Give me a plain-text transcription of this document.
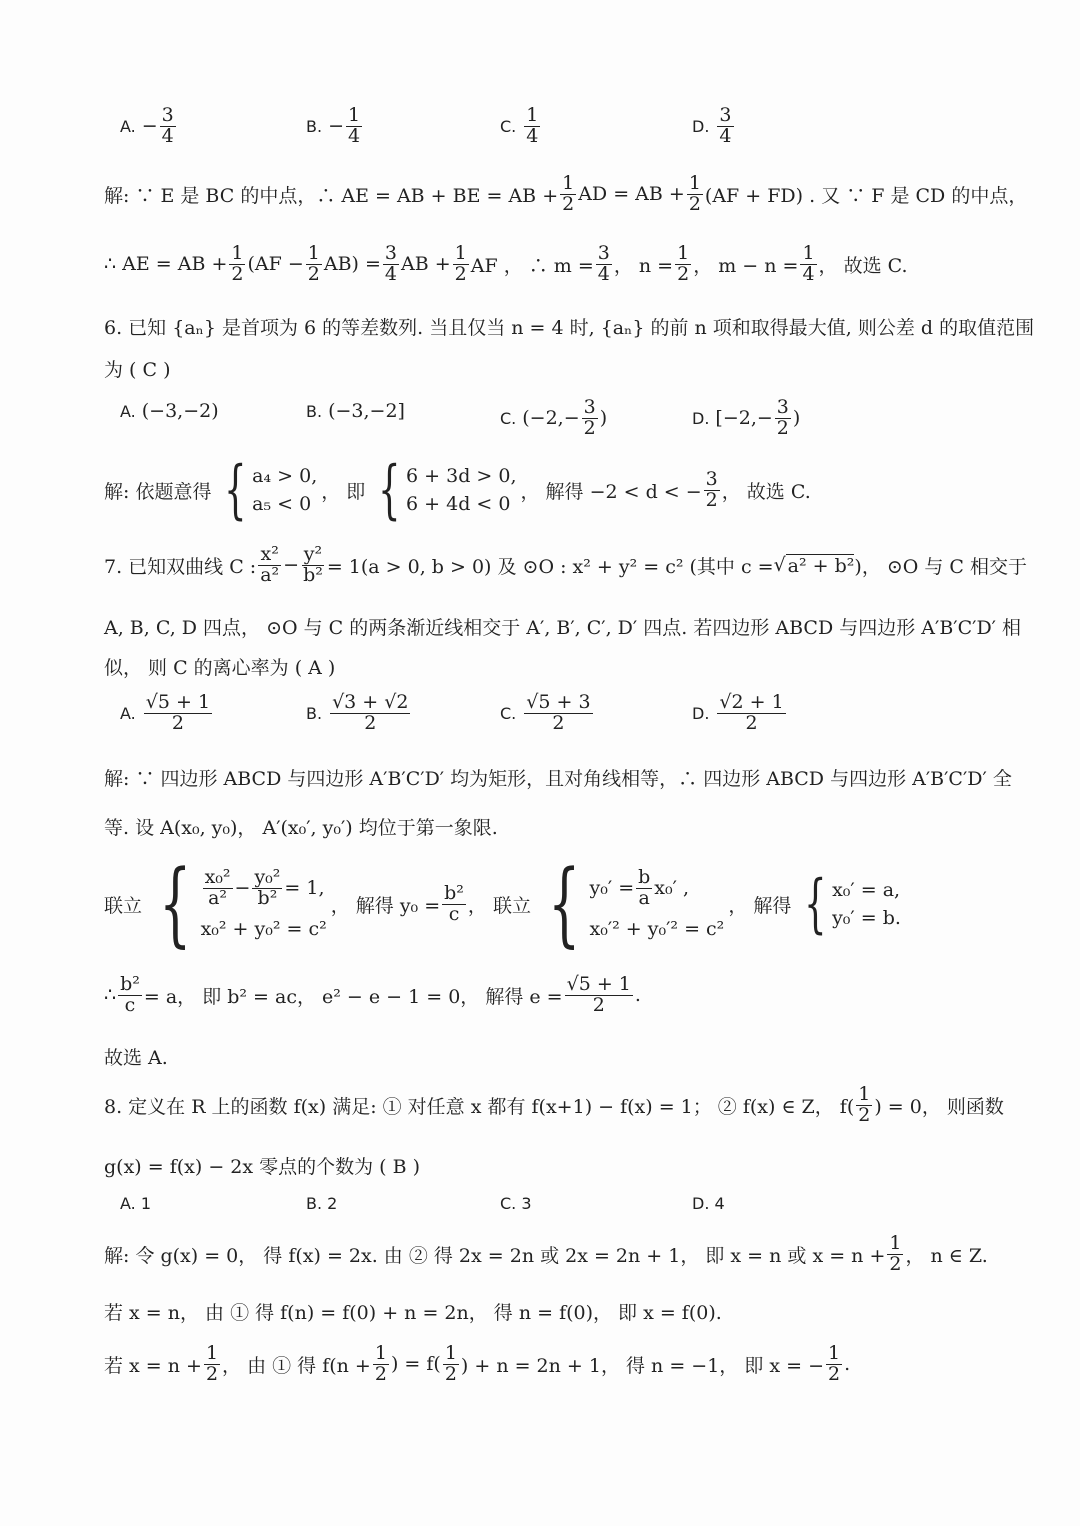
A. − $\frac{3}{4}$	B. − $\frac{1}{4}$	C. $\frac{1}{4}$	D. $\frac{3}{4}$
解: ∵ E 是 BC 的中点，∴ AE = AB + BE = AB + $\frac{1}{2}$ AD = AB + $\frac{1}{2} (AF + FD)$ . 又 ∵ F 是 CD 的中点，
∴ AE = AB + $\frac{1}{2} (AF - \frac{1}{2} AB) = \frac{3}{4}$ AB + $\frac{1}{2}$ AF ， ∴ $m = \frac{3}{4}$ ， $n = \frac{1}{2}$ ， $m - n = \frac{1}{4}$ ， 故选 C.
6. 已知 {aₙ} 是首项为 6 的等差数列. 当且仅当 n = 4 时, {aₙ} 的前 n 项和取得最大值, 则公差 d 的取值范围
为 ( C )
A. (−3,−2)	B. (−3,−2]	C. ($-2,- \frac{3}{2}$ )	D. [$-2,- \frac{3}{2}$ )
解: 依题意得 { a₄ > 0,
a₅ < 0
， 即 { 6 + 3d > 0,
6 + 4d < 0
， 解得 −2 < d < − $\frac{3}{2}$ ， 故选 C.
7. 已知双曲线 C : $\frac{\text{x²}}{\text{a²}} - \frac{\text{y²}}{\text{b²}} = 1(a > 0$, b > 0) 及 ⊙O : x² + y² = c² (其中 c = √ a² + b² )， ⊙O 与 C 相交于
A, B, C, D 四点， ⊙O 与 C 的两条渐近线相交于 A′, B′, C′, D′ 四点. 若四边形 ABCD 与四边形 A′B′C′D′ 相
似， 则 C 的离心率为 ( A )
A. $\frac{√5 + 1}{2}$	B. $\frac{√3 + √2}{2}$	C. $\frac{√5 + 3}{2}$	D. $\frac{√2 + 1}{2}$
解: ∵ 四边形 ABCD 与四边形 A′B′C′D′ 均为矩形，且对角线相等，∴ 四边形 ABCD 与四边形 A′B′C′D′ 全
等. 设 A(x₀, y₀)， A′(x₀′, y₀′) 均位于第一象限.
联立 { $\frac{\text{x₀²}}{\text{a²}} - \frac{\text{y₀²}}{\text{b²}} = 1$,
x₀² + y₀² = c²
， 解得 $y_0 = \frac{\text{b²}}{c}$ ， 联立 { $y_0' = \frac{b}{a} x_0'$ ,
x₀′² + y₀′² = c²
， 解得 { x₀′ = a,
y₀′ = b.
∴ $\frac{\text{b²}}{c} = a$， 即 b² = ac， e² − e − 1 = 0， 解得 $e = \frac{√5 + 1}{2}$ .
故选 A.
8. 定义在 R 上的函数 f(x) 满足: ① 对任意 x 都有 f(x+1) − f(x) = 1； ② f(x) ∈ Z， $f( \frac{1}{2}$ ) = 0， 则函数
g(x) = f(x) − 2x 零点的个数为 ( B )
A. 1	B. 2	C. 3	D. 4
解: 令 g(x) = 0， 得 f(x) = 2x. 由 ② 得 2x = 2n 或 2x = 2n + 1， 即 x = n 或 $x = n + \frac{1}{2}$ ， n ∈ Z.
若 x = n， 由 ① 得 f(n) = f(0) + n = 2n， 得 n = f(0)， 即 x = f(0).
若 $x = n + \frac{1}{2}$ ， 由 ① 得 $f(n + \frac{1}{2}$ ) = $f( \frac{1}{2}$ ) + n = 2n + 1， 得 n = −1， 即 x = − $\frac{1}{2}$ .
